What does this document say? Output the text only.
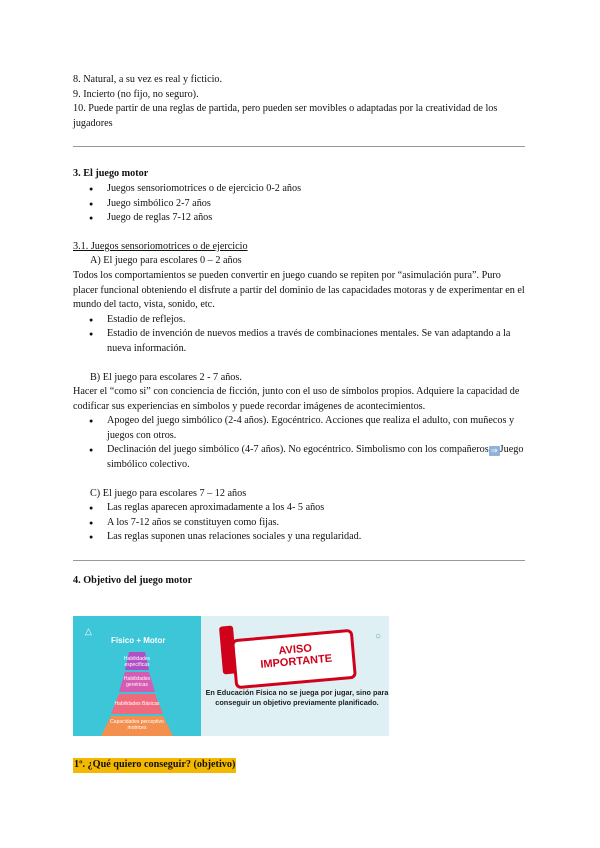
8. Natural, a su vez es real y ficticio.

9. Incierto (no fijo, no seguro).

10. Puede partir de una reglas de partida, pero pueden ser movibles o adaptadas por la creatividad de los jugadores

3. El juego motor

● Juegos sensoriomotrices o de ejercicio 0-2 años
● Juego simbólico 2-7 años
● Juego de reglas 7-12 años

3.1. Juegos sensoriomotrices o de ejercicio

A) El juego para escolares 0 – 2 años

Todos los comportamientos se pueden convertir en juego cuando se repiten por “asimulación pura”. Puro placer funcional obteniendo el disfrute a partir del dominio de las capacidades motoras y de experimentar en el mundo del tacto, vista, sonido, etc.

● Estadio de reflejos.
● Estadio de invención de nuevos medios a través de combinaciones mentales. Se van adaptando a la nueva información.

B) El juego para escolares 2 - 7 años.

Hacer el “como si” con conciencia de ficción, junto con el uso de símbolos propios. Adquiere la capacidad de codificar sus experiencias en símbolos y puede recordar imágenes de acontecimientos.

● Apogeo del juego simbólico (2-4 años). Egocéntrico. Acciones que realiza el adulto, con muñecos y juegos con otros.
● Declinación del juego simbólico (4-7 años). No egocéntrico. Simbolismo con los compañeros ⇒ Juego simbólico colectivo.

C) El juego para escolares 7 – 12 años

● Las reglas aparecen aproximadamente a los 4- 5 años
● A los 7-12 años se constituyen como fijas.
● Las reglas suponen unas relaciones sociales y una regularidad.

4. Objetivo del juego motor

△
Físico + Motor
Habilidades específicas
Habilidades genéricas
Habilidades Básicas
Capacidades perceptivo motrices
○
AVISO IMPORTANTE
En Educación Física no se juega por jugar, sino para conseguir un objetivo previamente planificado.
1º. ¿Qué quiero conseguir? (objetivo)
